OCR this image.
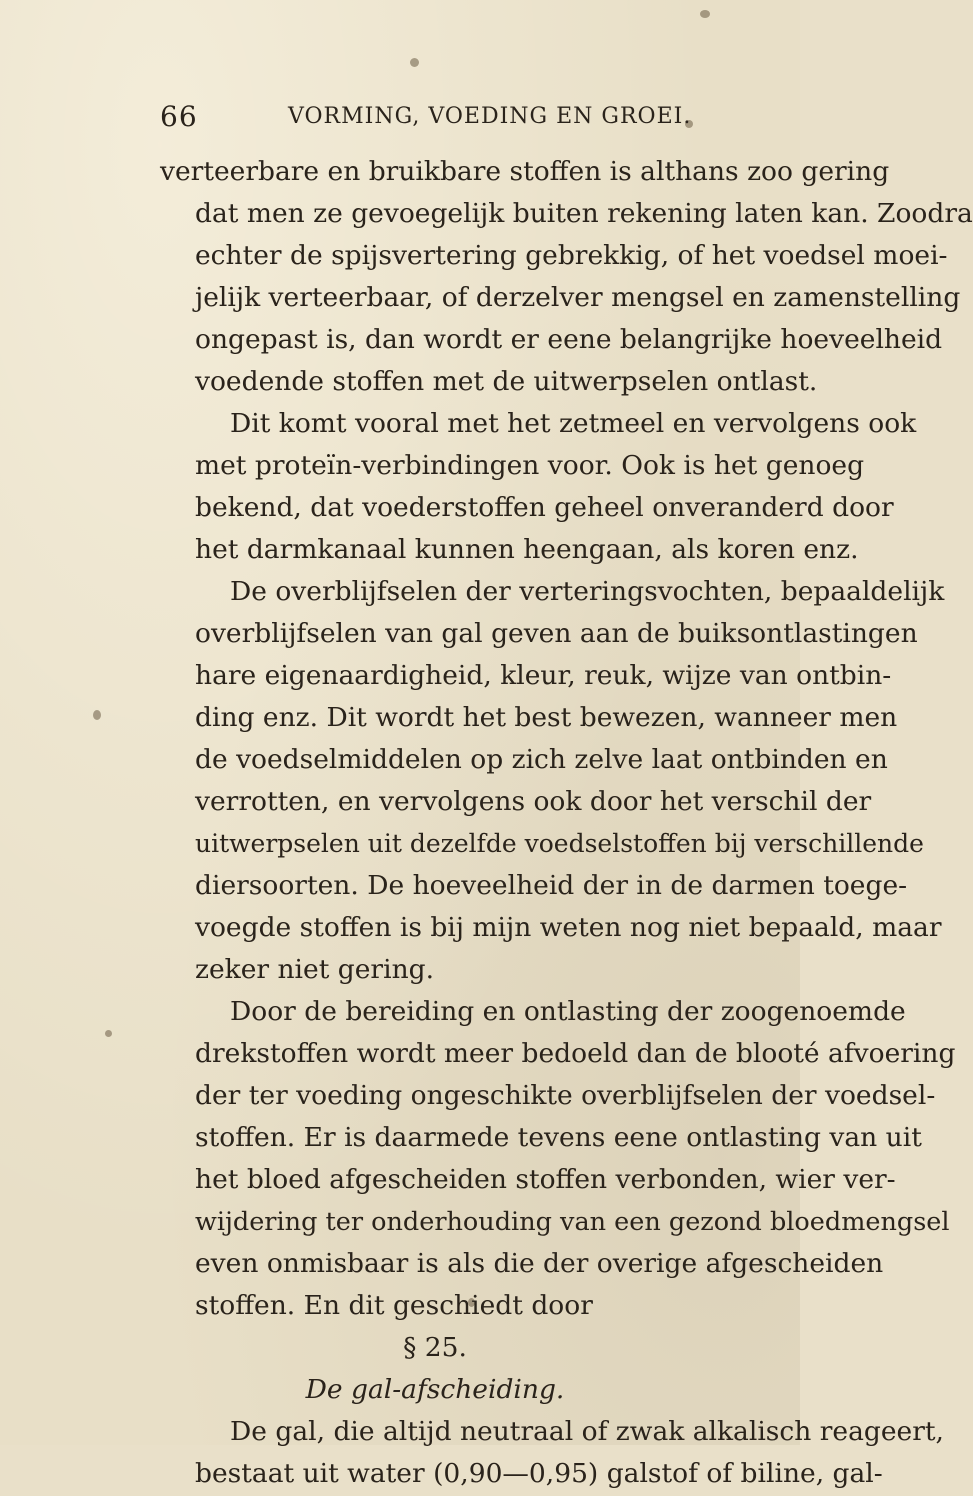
66	VORMING, VOEDING EN GROEI.
verteerbare en bruikbare stoffen is althans zoo gering
dat men ze gevoegelijk buiten rekening laten kan. Zoodra
echter de spijsvertering gebrekkig, of het voedsel moei-
jelijk verteerbaar, of derzelver mengsel en zamenstelling
ongepast is, dan wordt er eene belangrijke hoeveelheid
voedende stoffen met de uitwerpselen ontlast.
Dit komt vooral met het zetmeel en vervolgens ook
met proteïn-verbindingen voor. Ook is het genoeg
bekend, dat voederstoffen geheel onveranderd door
het darmkanaal kunnen heengaan, als koren enz.
De overblijfselen der verteringsvochten, bepaaldelijk
overblijfselen van gal geven aan de buiksontlastingen
hare eigenaardigheid, kleur, reuk, wijze van ontbin-
ding enz. Dit wordt het best bewezen, wanneer men
de voedselmiddelen op zich zelve laat ontbinden en
verrotten, en vervolgens ook door het verschil der
uitwerpselen uit dezelfde voedselstoffen bij verschillende
diersoorten. De hoeveelheid der in de darmen toege-
voegde stoffen is bij mijn weten nog niet bepaald, maar
zeker niet gering.
Door de bereiding en ontlasting der zoogenoemde
drekstoffen wordt meer bedoeld dan de blooté afvoering
der ter voeding ongeschikte overblijfselen der voedsel-
stoffen. Er is daarmede tevens eene ontlasting van uit
het bloed afgescheiden stoffen verbonden, wier ver-
wijdering ter onderhouding van een gezond bloedmengsel
even onmisbaar is als die der overige afgescheiden
stoffen. En dit geschiedt door
§ 25.
De gal-afscheiding.
De gal, die altijd neutraal of zwak alkalisch reageert,
bestaat uit water (0,90—0,95) galstof of biline, gal-
